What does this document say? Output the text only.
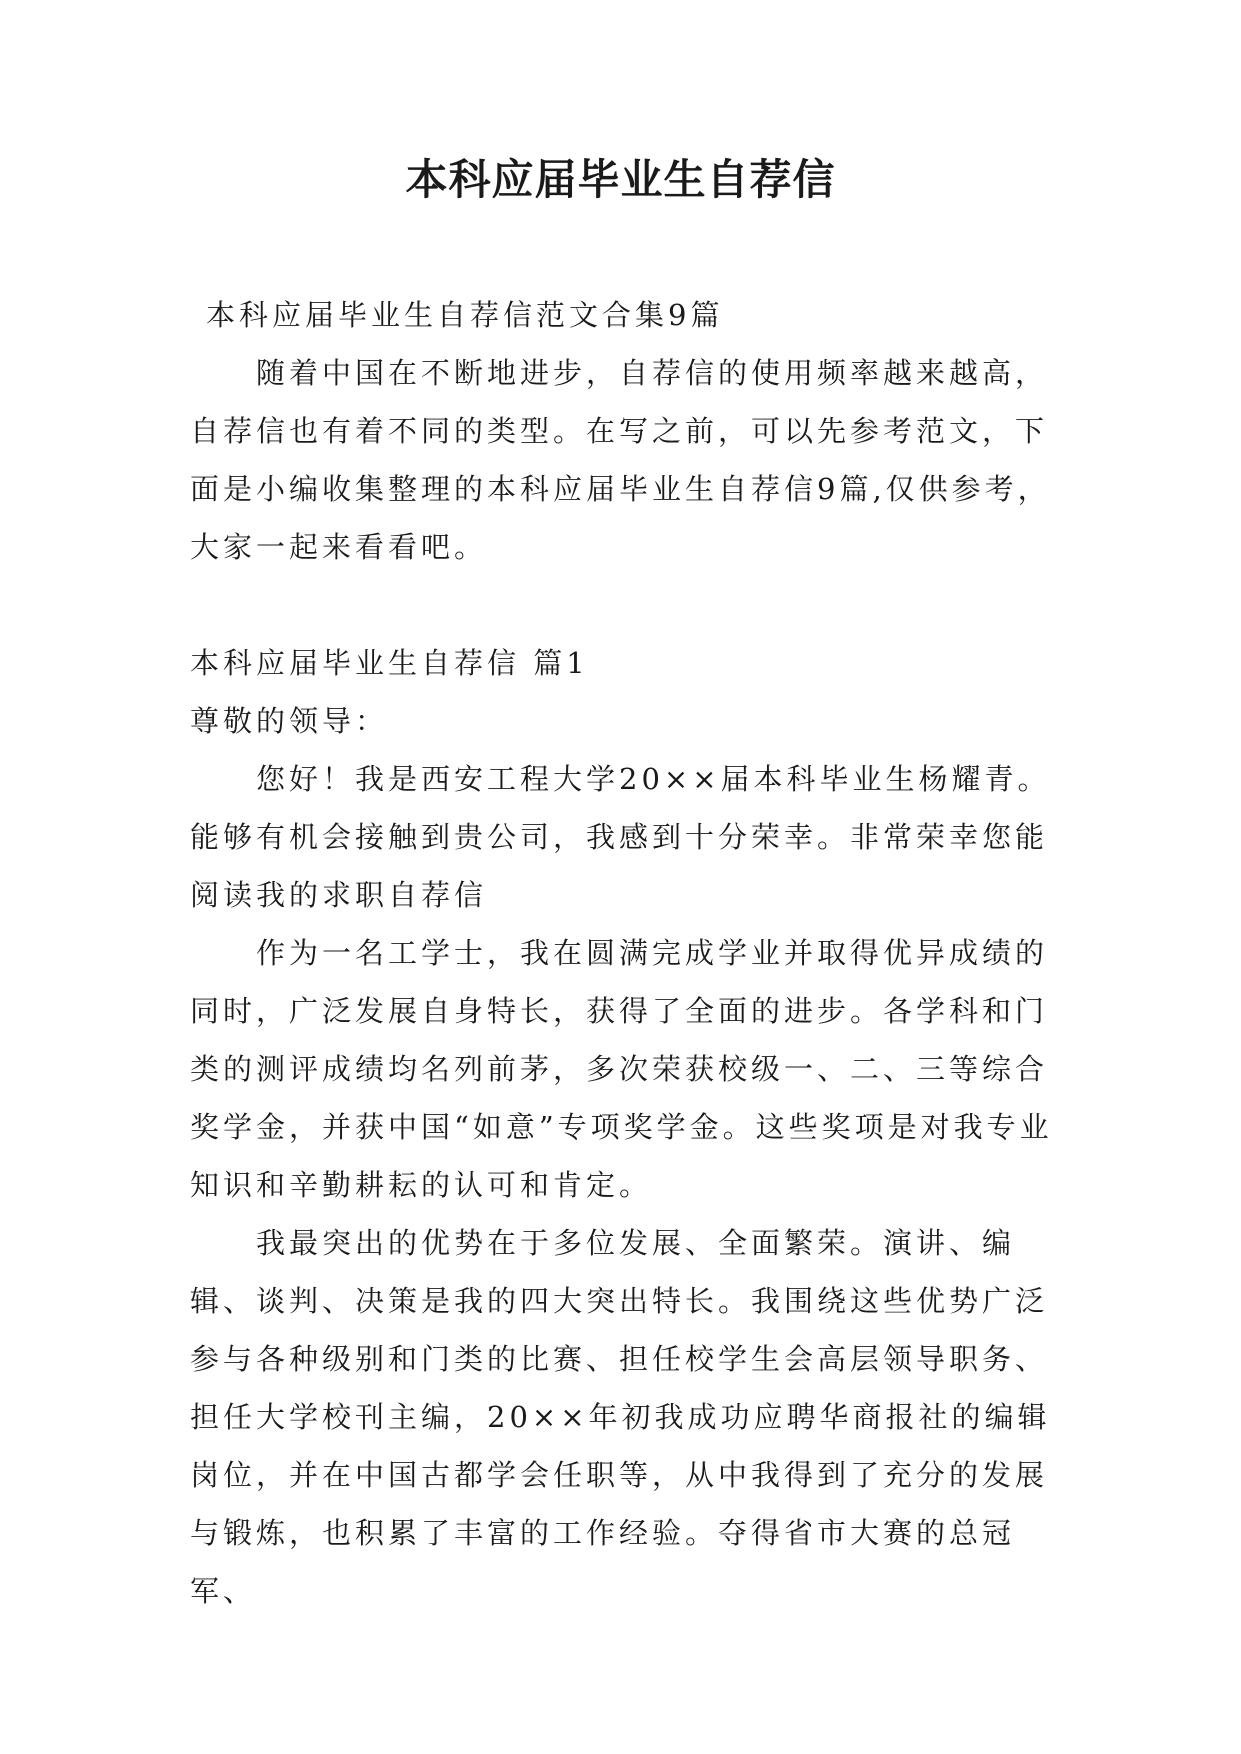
本科应届毕业生自荐信

本科应届毕业生自荐信范文合集9篇

随着中国在不断地进步，自荐信的使用频率越来越高，自荐信也有着不同的类型。在写之前，可以先参考范文，下面是小编收集整理的本科应届毕业生自荐信9篇,仅供参考，大家一起来看看吧。

本科应届毕业生自荐信 篇1

尊敬的领导：

您好！我是西安工程大学20××届本科毕业生杨耀青。能够有机会接触到贵公司，我感到十分荣幸。非常荣幸您能阅读我的求职自荐信

作为一名工学士，我在圆满完成学业并取得优异成绩的同时，广泛发展自身特长，获得了全面的进步。各学科和门类的测评成绩均名列前茅，多次荣获校级一、二、三等综合奖学金，并获中国“如意”专项奖学金。这些奖项是对我专业知识和辛勤耕耘的认可和肯定。

我最突出的优势在于多位发展、全面繁荣。演讲、编辑、谈判、决策是我的四大突出特长。我围绕这些优势广泛参与各种级别和门类的比赛、担任校学生会高层领导职务、担任大学校刊主编，20××年初我成功应聘华商报社的编辑岗位，并在中国古都学会任职等，从中我得到了充分的发展与锻炼，也积累了丰富的工作经验。夺得省市大赛的总冠军、
